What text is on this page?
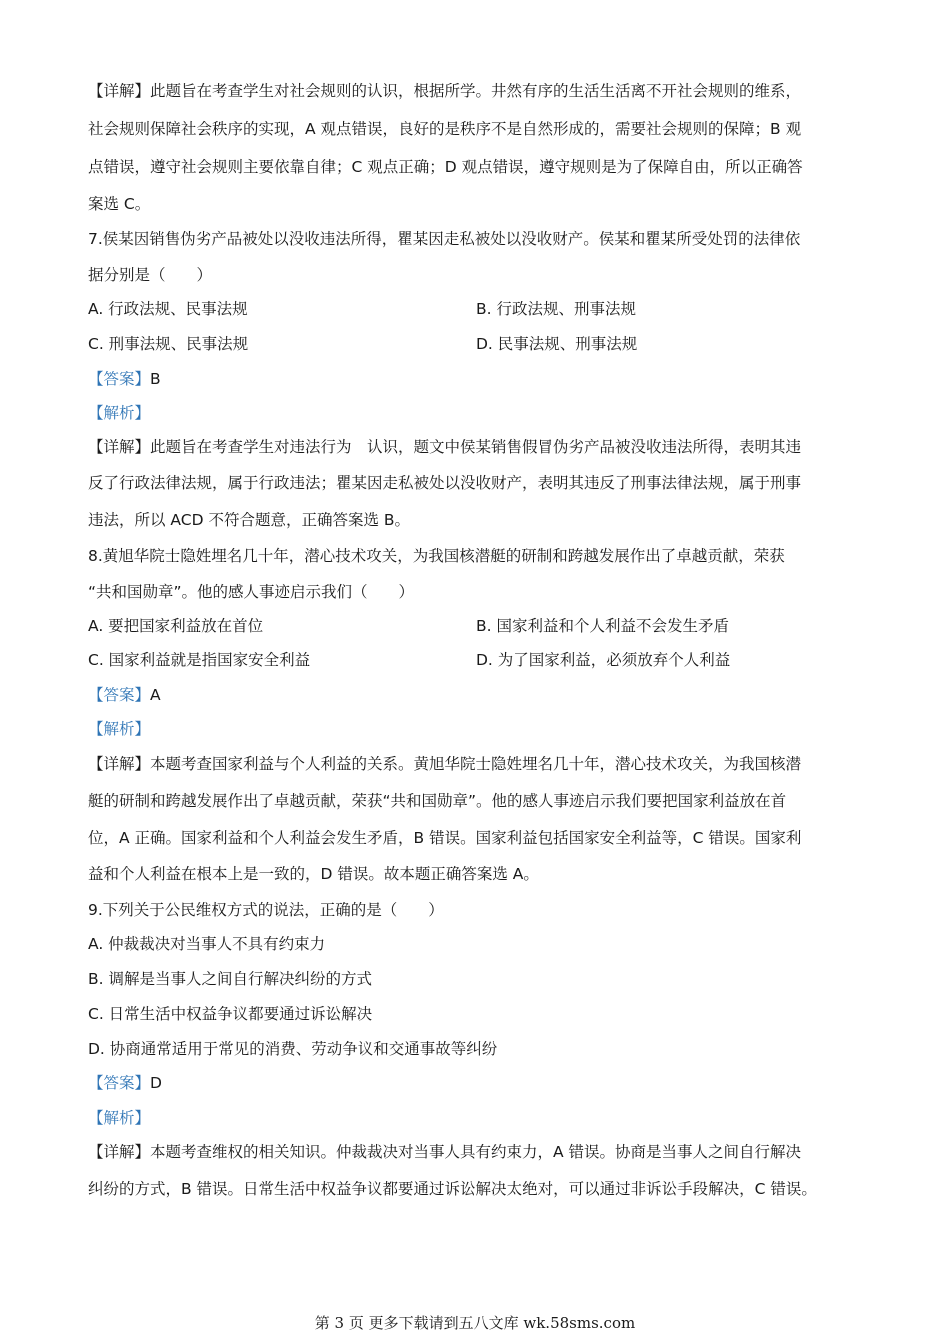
【详解】此题旨在考查学生对社会规则的认识，根据所学。井然有序的生活生活离不开社会规则的维系，
社会规则保障社会秩序的实现，A 观点错误，良好的是秩序不是自然形成的，需要社会规则的保障；B 观
点错误，遵守社会规则主要依靠自律；C 观点正确；D 观点错误，遵守规则是为了保障自由，所以正确答
案选 C。
7.侯某因销售伪劣产品被处以没收违法所得，瞿某因走私被处以没收财产。侯某和瞿某所受处罚的法律依
据分别是（　　）
A. 行政法规、民事法规	B. 行政法规、刑事法规
C. 刑事法规、民事法规	D. 民事法规、刑事法规
【答案】B
【解析】
【详解】此题旨在考查学生对违法行为　认识，题文中侯某销售假冒伪劣产品被没收违法所得，表明其违
反了行政法律法规，属于行政违法；瞿某因走私被处以没收财产，表明其违反了刑事法律法规，属于刑事
违法，所以 ACD 不符合题意，正确答案选 B。
8.黄旭华院士隐姓埋名几十年，潜心技术攻关，为我国核潜艇的研制和跨越发展作出了卓越贡献，荣获
“共和国勋章”。他的感人事迹启示我们（　　）
A. 要把国家利益放在首位	B. 国家利益和个人利益不会发生矛盾
C. 国家利益就是指国家安全利益	D. 为了国家利益，必须放弃个人利益
【答案】A
【解析】
【详解】本题考查国家利益与个人利益的关系。黄旭华院士隐姓埋名几十年，潜心技术攻关，为我国核潜
艇的研制和跨越发展作出了卓越贡献，荣获“共和国勋章”。他的感人事迹启示我们要把国家利益放在首
位，A 正确。国家利益和个人利益会发生矛盾，B 错误。国家利益包括国家安全利益等，C 错误。国家利
益和个人利益在根本上是一致的，D 错误。故本题正确答案选 A。
9.下列关于公民维权方式的说法，正确的是（　　）
A. 仲裁裁决对当事人不具有约束力
B. 调解是当事人之间自行解决纠纷的方式
C. 日常生活中权益争议都要通过诉讼解决
D. 协商通常适用于常见的消费、劳动争议和交通事故等纠纷
【答案】D
【解析】
【详解】本题考查维权的相关知识。仲裁裁决对当事人具有约束力，A 错误。协商是当事人之间自行解决
纠纷的方式，B 错误。日常生活中权益争议都要通过诉讼解决太绝对，可以通过非诉讼手段解决，C 错误。
第 3 页 更多下载请到五八文库 wk.58sms.com
